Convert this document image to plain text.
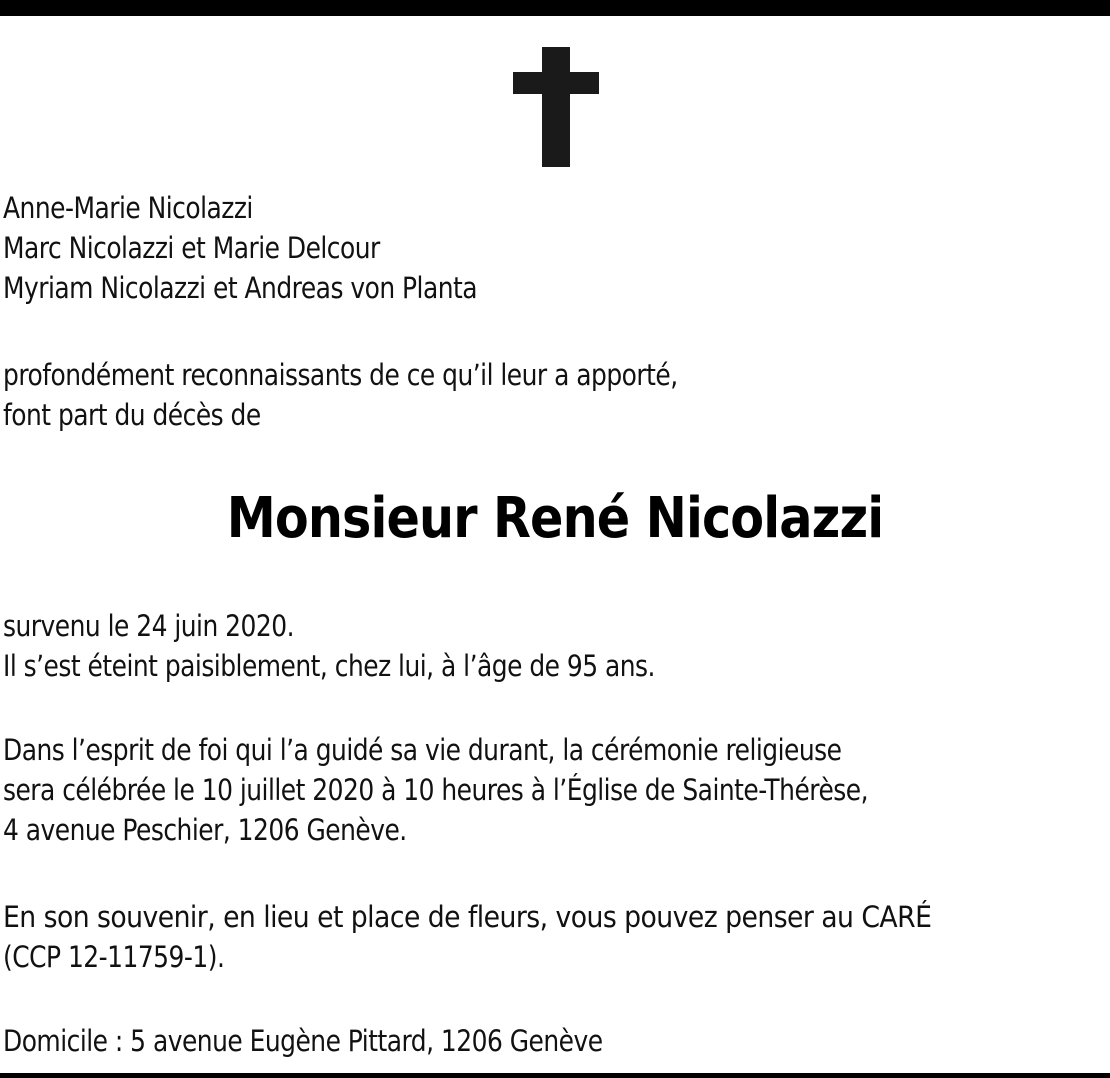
Anne-Marie Nicolazzi
Marc Nicolazzi et Marie Delcour
Myriam Nicolazzi et Andreas von Planta
profondément reconnaissants de ce qu’il leur a apporté,
font part du décès de
Monsieur René Nicolazzi
survenu le 24 juin 2020.
Il s’est éteint paisiblement, chez lui, à l’âge de 95 ans.
Dans l’esprit de foi qui l’a guidé sa vie durant, la cérémonie religieuse
sera célébrée le 10 juillet 2020 à 10 heures à l’Église de Sainte-Thérèse,
4 avenue Peschier, 1206 Genève.
En son souvenir, en lieu et place de fleurs, vous pouvez penser au CARÉ
(CCP 12-11759-1).
Domicile : 5 avenue Eugène Pittard, 1206 Genève
